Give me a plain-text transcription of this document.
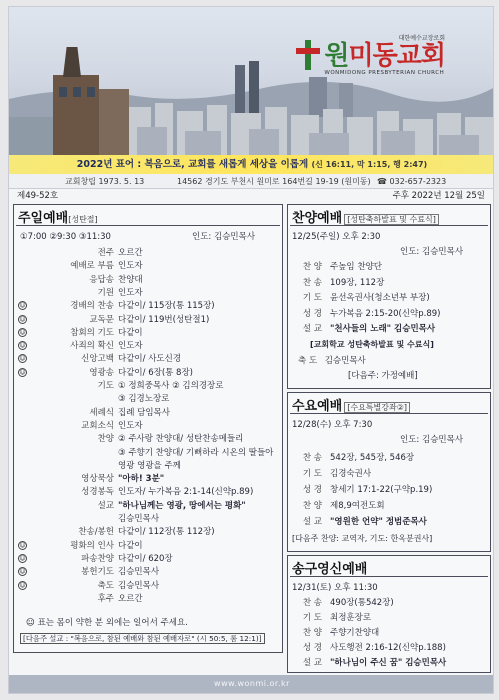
대한예수교장로회
원미동교회
WONMIDONG PRESBYTERIAN CHURCH
2022년 표어 : 복음으로, 교회를 새롭게 세상을 이롭게 (신 16:11, 막 1:15, 행 2:47)
교회창립 1973. 5. 13	14562 경기도 부천시 원미로 164번길 19-19 (원미동) ☎ 032-657-2323
제49-52호	주후 2022년 12월 25일
주일예배[성탄절]
①7:00 ②9:30 ③11:30	인도: 김승민목사
전주 오르간
예배로 부름 인도자
응답송 찬양대
기원 인도자
☺	경배의 찬송 다같이/ 115장(통 115장)
☺	교독문 다같이/ 119번(성탄절1)
☺	참회의 기도 다같이
☺	사죄의 확신 인도자
☺	신앙고백 다같이/ 사도신경
☺	영광송 다같이/ 6장(통 8장)
기도 ① 정희중목사 ② 김의경장로
③ 김경노장로
세례식 집례 담임목사
교회소식 인도자
찬양 ② 주사랑 찬양대/ 성탄찬송메들리
③ 주향기 찬양대/ 기뻐하라 시온의 딸들아
영광 영광을 주께
영상묵상 "아하! 3분"
성경봉독 인도자/ 누가복음 2:1-14(신약p.89)
설교 "하나님께는 영광, 땅에서는 평화"
김승민목사
찬송/봉헌 다같이/ 112장(통 112장)
☺	평화의 인사 다같이
☺	파송찬양 다같이/ 620장
☺	봉헌기도 김승민목사
☺	축도 김승민목사
후주 오르간
☺ 표는 몸이 약한 분 외에는 일어서 주세요.
[다음주 설교 : "복음으로, 참된 예배와 참된 예배자로" (시 50:5, 롬 12:1)]
찬양예배 [성탄축하발표 및 수료식]
12/25(주일) 오후 2:30
인도: 김승민목사
찬 양 주높임 찬양단
찬 송 109장, 112장
기 도 윤선옥권사(청소년부 부장)
성 경 누가복음 2:15-20(신약p.89)
설 교 "천사들의 노래" 김승민목사
[교회학교 성탄축하발표 및 수료식]
축 도 김승민목사
[다음주: 가정예배]
수요예배 [수요특별강좌②]
12/28(수) 오후 7:30
인도: 김승민목사
찬 송 542장, 545장, 546장
기 도 김경숙권사
성 경 창세기 17:1-22(구약p.19)
찬 양 제8,9여전도회
설 교 "영원한 언약" 정범준목사
[다음주 찬양: 교역자, 기도: 한옥분권사]
송구영신예배
12/31(토) 오후 11:30
찬 송 490장(통542장)
기 도 최정훈장로
찬 양 주향기찬양대
성 경 사도행전 2:16-12(신약p.188)
설 교 "하나님이 주신 꿈" 김승민목사
www.wonmi.or.kr
